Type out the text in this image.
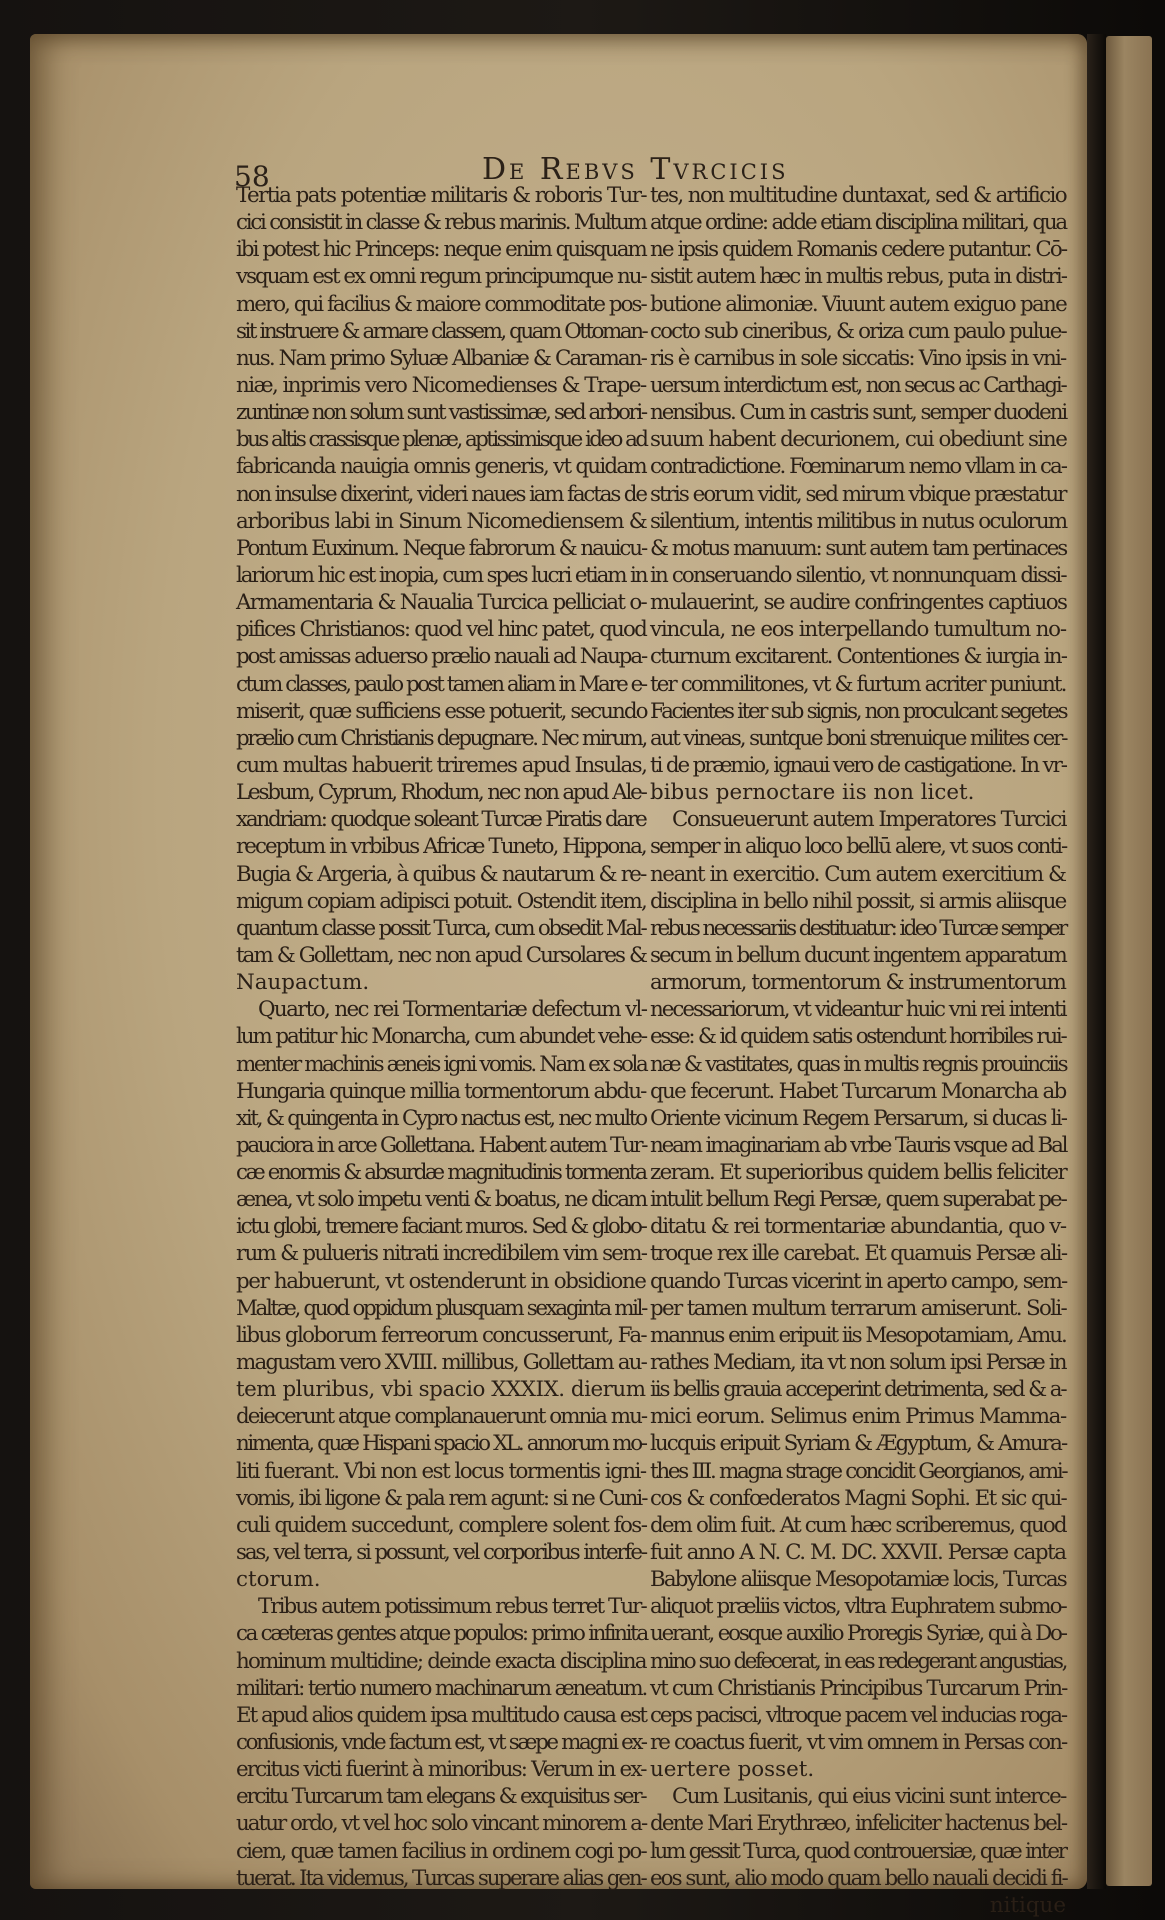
58	De Rebvs Tvrcicis
Tertia pats potentiæ militaris & roboris Tur-
cici consistit in classe & rebus marinis. Multum
ibi potest hic Princeps: neque enim quisquam
vsquam est ex omni regum principumque nu-
mero, qui facilius & maiore commoditate pos-
sit instruere & armare classem, quam Ottoman-
nus. Nam primo Syluæ Albaniæ & Caraman-
niæ, inprimis vero Nicomedienses & Trape-
zuntinæ non solum sunt vastissimæ, sed arbori-
bus altis crassisque plenæ, aptissimisque ideo ad
fabricanda nauigia omnis generis, vt quidam
non insulse dixerint, videri naues iam factas de
arboribus labi in Sinum Nicomediensem &
Pontum Euxinum. Neque fabrorum & nauicu-
lariorum hic est inopia, cum spes lucri etiam in
Armamentaria & Naualia Turcica pelliciat o-
pifices Christianos: quod vel hinc patet, quod
post amissas aduerso prælio nauali ad Naupa-
ctum classes, paulo post tamen aliam in Mare e-
miserit, quæ sufficiens esse potuerit, secundo
prælio cum Christianis depugnare. Nec mirum,
cum multas habuerit triremes apud Insulas,
Lesbum, Cyprum, Rhodum, nec non apud Ale-
xandriam: quodque soleant Turcæ Piratis dare
receptum in vrbibus Africæ Tuneto, Hippona,
Bugia & Argeria, à quibus & nautarum & re-
migum copiam adipisci potuit. Ostendit item,
quantum classe possit Turca, cum obsedit Mal-
tam & Gollettam, nec non apud Cursolares &
Naupactum.
Quarto, nec rei Tormentariæ defectum vl-
lum patitur hic Monarcha, cum abundet vehe-
menter machinis æneis igni vomis. Nam ex sola
Hungaria quinque millia tormentorum abdu-
xit, & quingenta in Cypro nactus est, nec multo
pauciora in arce Gollettana. Habent autem Tur-
cæ enormis & absurdæ magnitudinis tormenta
ænea, vt solo impetu venti & boatus, ne dicam
ictu globi, tremere faciant muros. Sed & globo-
rum & pulueris nitrati incredibilem vim sem-
per habuerunt, vt ostenderunt in obsidione
Maltæ, quod oppidum plusquam sexaginta mil-
libus globorum ferreorum concusserunt, Fa-
magustam vero XVIII. millibus, Gollettam au-
tem pluribus, vbi spacio XXXIX. dierum
deiecerunt atque complanauerunt omnia mu-
nimenta, quæ Hispani spacio XL. annorum mo-
liti fuerant. Vbi non est locus tormentis igni-
vomis, ibi ligone & pala rem agunt: si ne Cuni-
culi quidem succedunt, complere solent fos-
sas, vel terra, si possunt, vel corporibus interfe-
ctorum.
Tribus autem potissimum rebus terret Tur-
ca cæteras gentes atque populos: primo infinita
hominum multidine; deinde exacta disciplina
militari: tertio numero machinarum æneatum.
Et apud alios quidem ipsa multitudo causa est
confusionis, vnde factum est, vt sæpe magni ex-
ercitus victi fuerint à minoribus: Verum in ex-
ercitu Turcarum tam elegans & exquisitus ser-
uatur ordo, vt vel hoc solo vincant minorem a-
ciem, quæ tamen facilius in ordinem cogi po-
tuerat. Ita videmus, Turcas superare alias gen-
tes, non multitudine duntaxat, sed & artificio
atque ordine: adde etiam disciplina militari, qua
ne ipsis quidem Romanis cedere putantur. Cō-
sistit autem hæc in multis rebus, puta in distri-
butione alimoniæ. Viuunt autem exiguo pane
cocto sub cineribus, & oriza cum paulo pulue-
ris è carnibus in sole siccatis: Vino ipsis in vni-
uersum interdictum est, non secus ac Carthagi-
nensibus. Cum in castris sunt, semper duodeni
suum habent decurionem, cui obediunt sine
contradictione. Fœminarum nemo vllam in ca-
stris eorum vidit, sed mirum vbique præstatur
silentium, intentis militibus in nutus oculorum
& motus manuum: sunt autem tam pertinaces
in conseruando silentio, vt nonnunquam dissi-
mulauerint, se audire confringentes captiuos
vincula, ne eos interpellando tumultum no-
cturnum excitarent. Contentiones & iurgia in-
ter commilitones, vt & furtum acriter puniunt.
Facientes iter sub signis, non proculcant segetes
aut vineas, suntque boni strenuique milites cer-
ti de præmio, ignaui vero de castigatione. In vr-
bibus pernoctare iis non licet.
Consueuerunt autem Imperatores Turcici
semper in aliquo loco bellū alere, vt suos conti-
neant in exercitio. Cum autem exercitium &
disciplina in bello nihil possit, si armis aliisque
rebus necessariis destituatur: ideo Turcæ semper
secum in bellum ducunt ingentem apparatum
armorum, tormentorum & instrumentorum
necessariorum, vt videantur huic vni rei intenti
esse: & id quidem satis ostendunt horribiles rui-
næ & vastitates, quas in multis regnis prouinciis
que fecerunt. Habet Turcarum Monarcha ab
Oriente vicinum Regem Persarum, si ducas li-
neam imaginariam ab vrbe Tauris vsque ad Bal
zeram. Et superioribus quidem bellis feliciter
intulit bellum Regi Persæ, quem superabat pe-
ditatu & rei tormentariæ abundantia, quo v-
troque rex ille carebat. Et quamuis Persæ ali-
quando Turcas vicerint in aperto campo, sem-
per tamen multum terrarum amiserunt. Soli-
mannus enim eripuit iis Mesopotamiam, Amu.
rathes Mediam, ita vt non solum ipsi Persæ in
iis bellis grauia acceperint detrimenta, sed & a-
mici eorum. Selimus enim Primus Mamma-
lucquis eripuit Syriam & Ægyptum, & Amura-
thes III. magna strage concidit Georgianos, ami-
cos & confœderatos Magni Sophi. Et sic qui-
dem olim fuit. At cum hæc scriberemus, quod
fuit anno A N. C. M. DC. XXVII. Persæ capta
Babylone aliisque Mesopotamiæ locis, Turcas
aliquot præliis victos, vltra Euphratem submo-
uerant, eosque auxilio Proregis Syriæ, qui à Do-
mino suo defecerat, in eas redegerant angustias,
vt cum Christianis Principibus Turcarum Prin-
ceps pacisci, vltroque pacem vel inducias roga-
re coactus fuerit, vt vim omnem in Persas con-
uertere posset.
Cum Lusitanis, qui eius vicini sunt interce-
dente Mari Erythræo, infeliciter hactenus bel-
lum gessit Turca, quod controuersiæ, quæ inter
eos sunt, alio modo quam bello nauali decidi fi-
nitique
